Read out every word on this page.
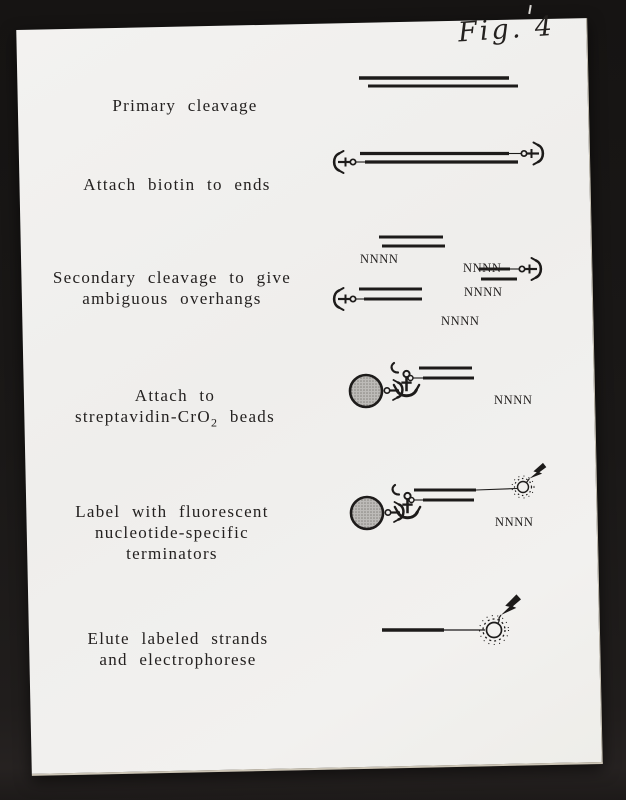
Fig. 4
Primary cleavage
Attach biotin to ends
Secondary cleavage to give
ambiguous overhangs
NNNN
NNNN
NNNN
NNNN
Attach to
streptavidin-CrO$_2$ beads
NNNN
Label with fluorescent
nucleotide-specific
terminators
NNNN
Elute labeled strands
and electrophorese
